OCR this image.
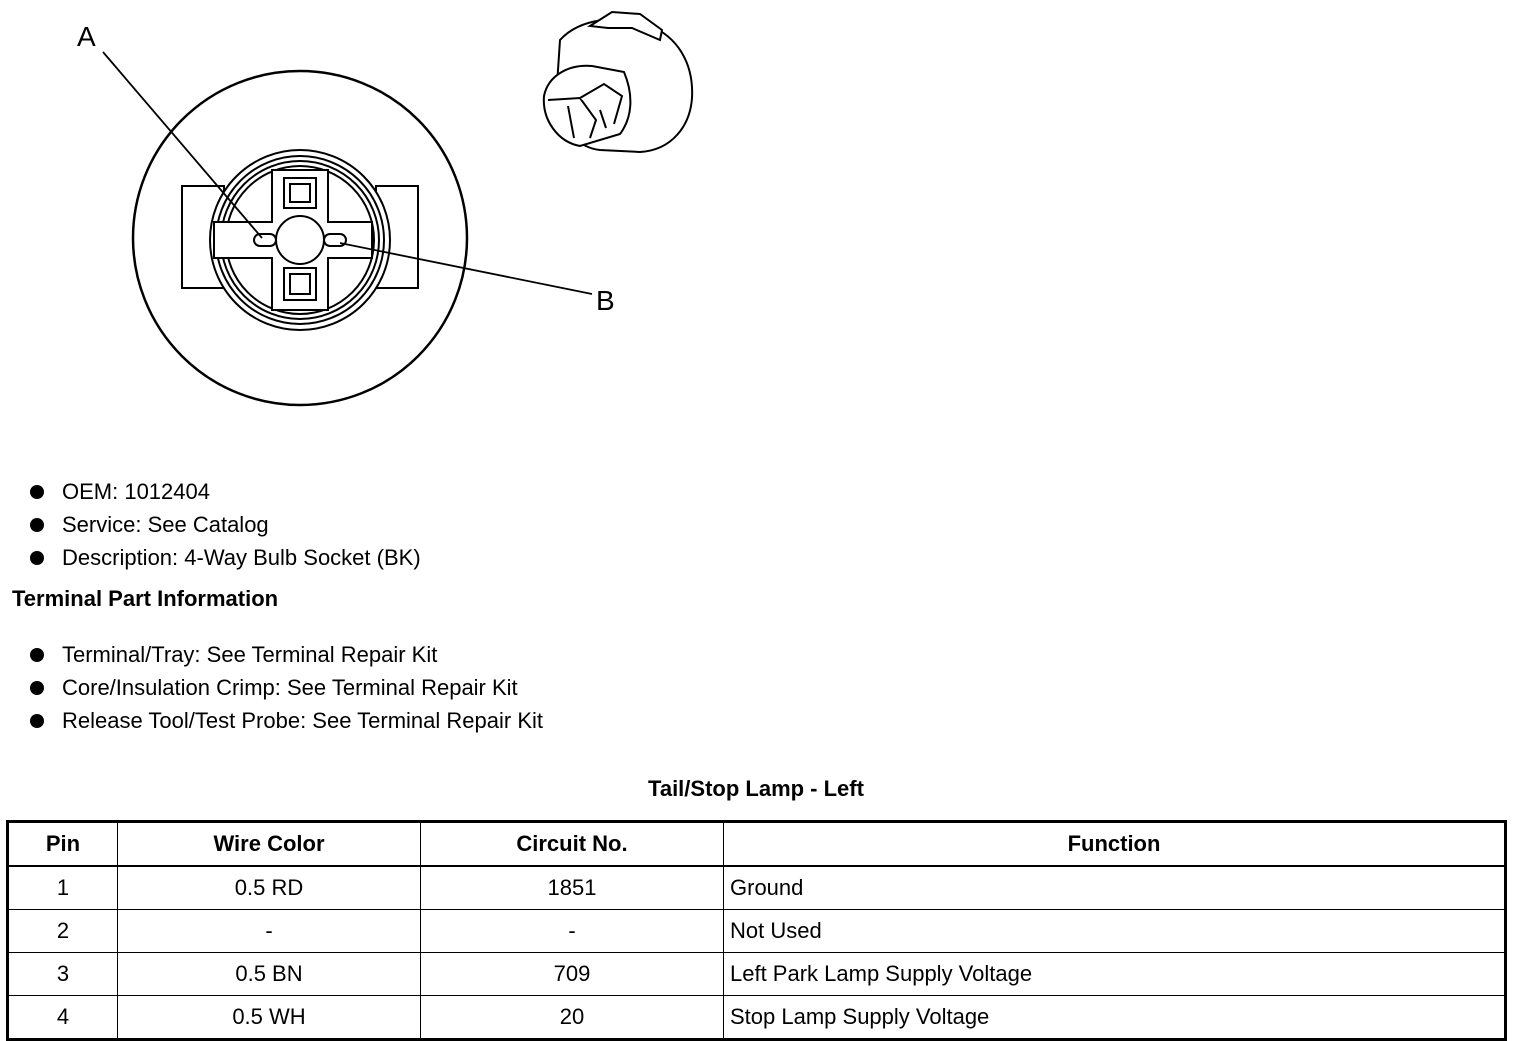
A
B
OEM: 1012404
Service: See Catalog
Description: 4-Way Bulb Socket (BK)
Terminal Part Information
Terminal/Tray: See Terminal Repair Kit
Core/Insulation Crimp: See Terminal Repair Kit
Release Tool/Test Probe: See Terminal Repair Kit
Tail/Stop Lamp - Left
Pin	Wire Color	Circuit No.	Function
1	0.5 RD	1851	Ground
2	-	-	Not Used
3	0.5 BN	709	Left Park Lamp Supply Voltage
4	0.5 WH	20	Stop Lamp Supply Voltage
